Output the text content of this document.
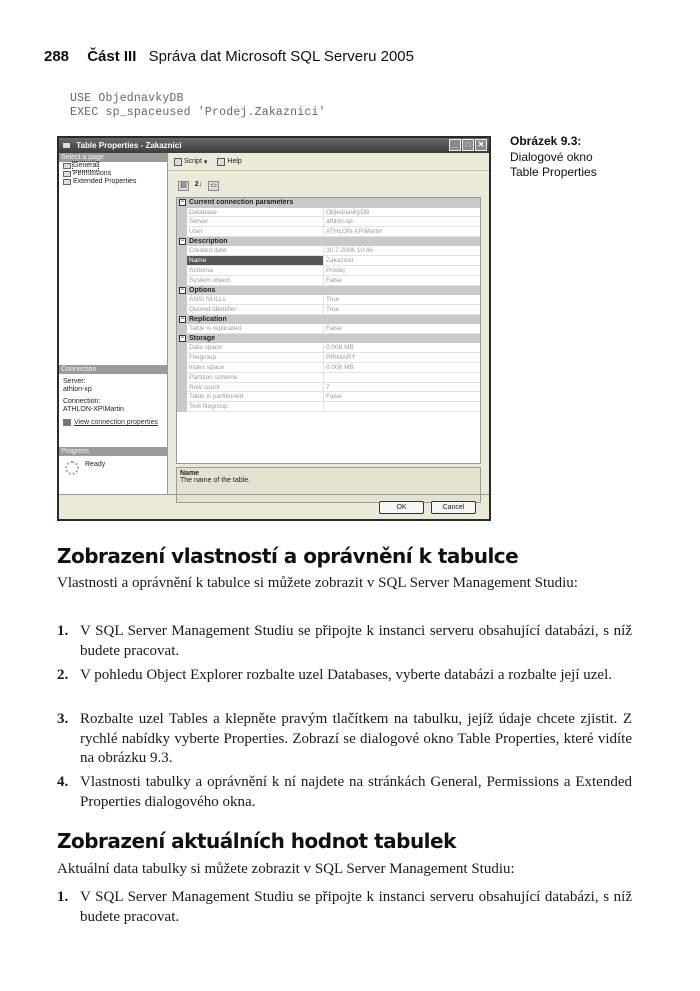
288 Část III Správa dat Microsoft SQL Serveru 2005
USE ObjednavkyDB
EXEC sp_spaceused 'Prodej.Zakaznici'
Table Properties - Zakaznici	_	□ ✕
Select a page
General
Permissions
Extended Properties
Connection
Server:
athlon-xp
Connection:
ATHLON-XP\Martin
View connection properties
Progress
Ready
Script ▾	Help
▤	2↓	▭
− Current connection parameters
Database	ObjednavkyDB
Server	athlon-xp
User	ATHLON-XP\Martin
− Description
Created date	30.7.2006 10:46
Name	Zakaznici
Schema	Prodej
System object	False
− Options
ANSI NULLs	True
Quoted identifier	True
− Replication
Table is replicated	False
− Storage
Data space	0.008 MB
Filegroup	PRIMARY
Index space	0.008 MB
Partition scheme
Row count	7
Table is partitioned	False
Text filegroup
Name
The name of the table.
OK	Cancel
Obrázek 9.3:
Dialogové okno
Table Properties
Zobrazení vlastností a oprávnění k tabulce
Vlastnosti a oprávnění k tabulce si můžete zobrazit v SQL Server Management Studiu:
1. V SQL Server Management Studiu se připojte k instanci serveru obsahující databázi, s níž budete pracovat.
2. V pohledu Object Explorer rozbalte uzel Databases, vyberte databázi a rozbalte její uzel.
3. Rozbalte uzel Tables a klepněte pravým tlačítkem na tabulku, jejíž údaje chcete zjistit. Z rychlé nabídky vyberte Properties. Zobrazí se dialogové okno Table Properties, které vidíte na obrázku 9.3.
4. Vlastnosti tabulky a oprávnění k ní najdete na stránkách General, Permissions a Extended Properties dialogového okna.
Zobrazení aktuálních hodnot tabulek
Aktuální data tabulky si můžete zobrazit v SQL Server Management Studiu:
1. V SQL Server Management Studiu se připojte k instanci serveru obsahující databázi, s níž budete pracovat.
